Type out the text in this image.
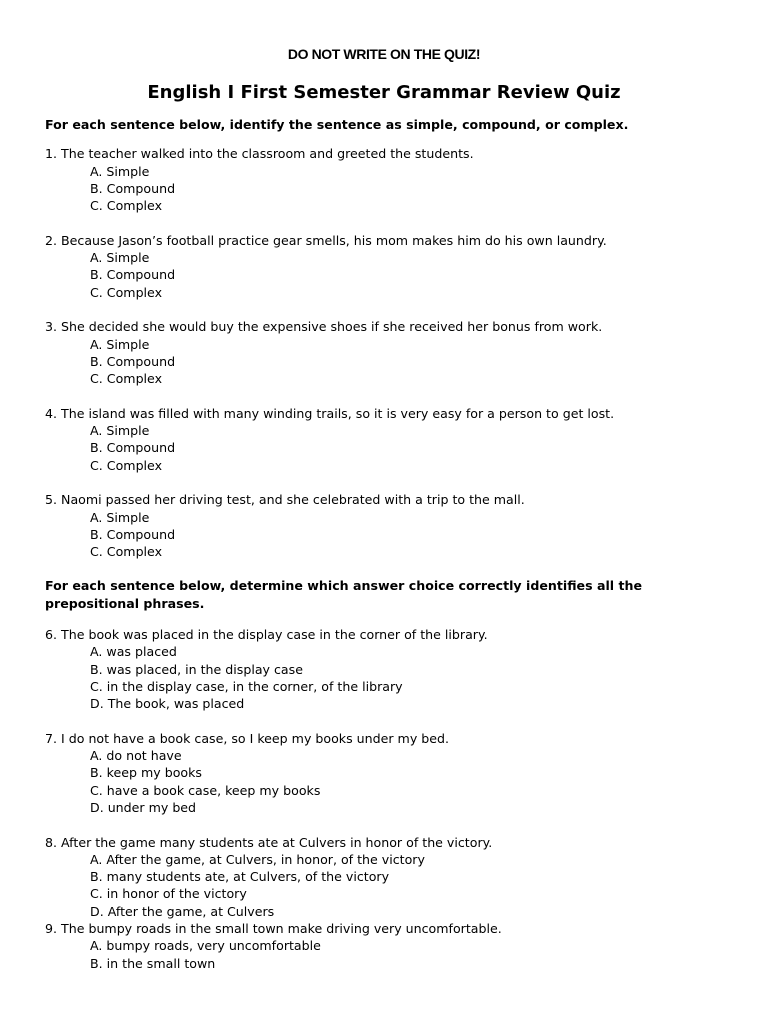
DO NOT WRITE ON THE QUIZ!
English I First Semester Grammar Review Quiz
For each sentence below, identify the sentence as simple, compound, or complex.
1. The teacher walked into the classroom and greeted the students.
A. Simple
B. Compound
C. Complex
2. Because Jason’s football practice gear smells, his mom makes him do his own laundry.
A. Simple
B. Compound
C. Complex
3. She decided she would buy the expensive shoes if she received her bonus from work.
A. Simple
B. Compound
C. Complex
4. The island was filled with many winding trails, so it is very easy for a person to get lost.
A. Simple
B. Compound
C. Complex
5. Naomi passed her driving test, and she celebrated with a trip to the mall.
A. Simple
B. Compound
C. Complex
For each sentence below, determine which answer choice correctly identifies all the prepositional phrases.
6. The book was placed in the display case in the corner of the library.
A. was placed
B. was placed, in the display case
C. in the display case, in the corner, of the library
D. The book, was placed
7. I do not have a book case, so I keep my books under my bed.
A. do not have
B. keep my books
C. have a book case, keep my books
D. under my bed
8. After the game many students ate at Culvers in honor of the victory.
A. After the game, at Culvers, in honor, of the victory
B. many students ate, at Culvers, of the victory
C. in honor of the victory
D. After the game, at Culvers
9. The bumpy roads in the small town make driving very uncomfortable.
A. bumpy roads, very uncomfortable
B. in the small town
